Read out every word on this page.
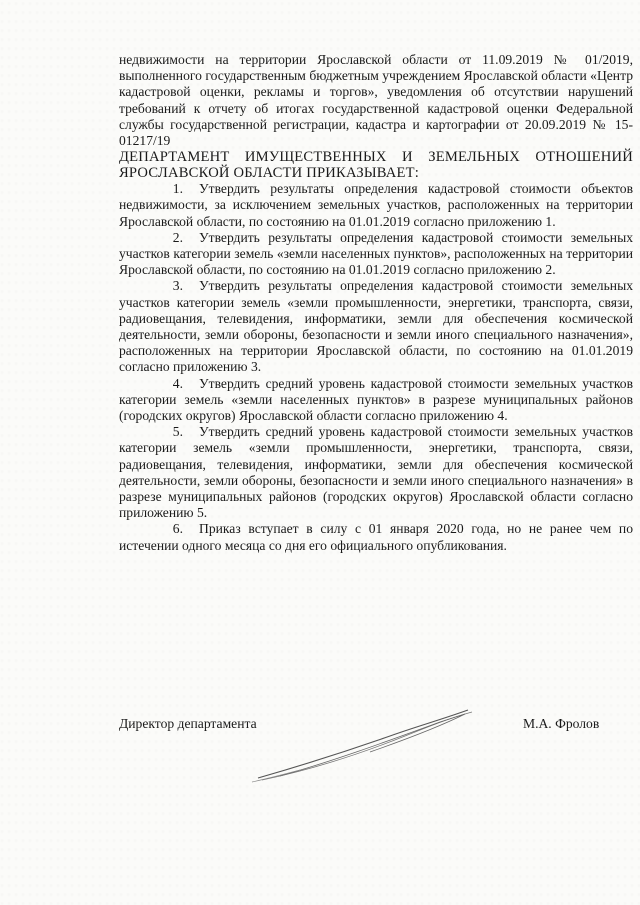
недвижимости на территории Ярославской области от 11.09.2019 № 01/2019, выполненного государственным бюджетным учреждением Ярославской области «Центр кадастровой оценки, рекламы и торгов», уведомления об отсутствии нарушений требований к отчету об итогах государственной кадастровой оценки Федеральной службы государственной регистрации, кадастра и картографии от 20.09.2019 № 15-01217/19

ДЕПАРТАМЕНТ ИМУЩЕСТВЕННЫХ И ЗЕМЕЛЬНЫХ ОТНОШЕНИЙ ЯРОСЛАВСКОЙ ОБЛАСТИ ПРИКАЗЫВАЕТ:

1. Утвердить результаты определения кадастровой стоимости объектов недвижимости, за исключением земельных участков, расположенных на территории Ярославской области, по состоянию на 01.01.2019 согласно приложению 1.

2. Утвердить результаты определения кадастровой стоимости земельных участков категории земель «земли населенных пунктов», расположенных на территории Ярославской области, по состоянию на 01.01.2019 согласно приложению 2.

3. Утвердить результаты определения кадастровой стоимости земельных участков категории земель «земли промышленности, энергетики, транспорта, связи, радиовещания, телевидения, информатики, земли для обеспечения космической деятельности, земли обороны, безопасности и земли иного специального назначения», расположенных на территории Ярославской области, по состоянию на 01.01.2019 согласно приложению 3.

4. Утвердить средний уровень кадастровой стоимости земельных участков категории земель «земли населенных пунктов» в разрезе муниципальных районов (городских округов) Ярославской области согласно приложению 4.

5. Утвердить средний уровень кадастровой стоимости земельных участков категории земель «земли промышленности, энергетики, транспорта, связи, радиовещания, телевидения, информатики, земли для обеспечения космической деятельности, земли обороны, безопасности и земли иного специального назначения» в разрезе муниципальных районов (городских округов) Ярославской области согласно приложению 5.

6. Приказ вступает в силу с 01 января 2020 года, но не ранее чем по истечении одного месяца со дня его официального опубликования.

Директор департамента	М.А. Фролов
